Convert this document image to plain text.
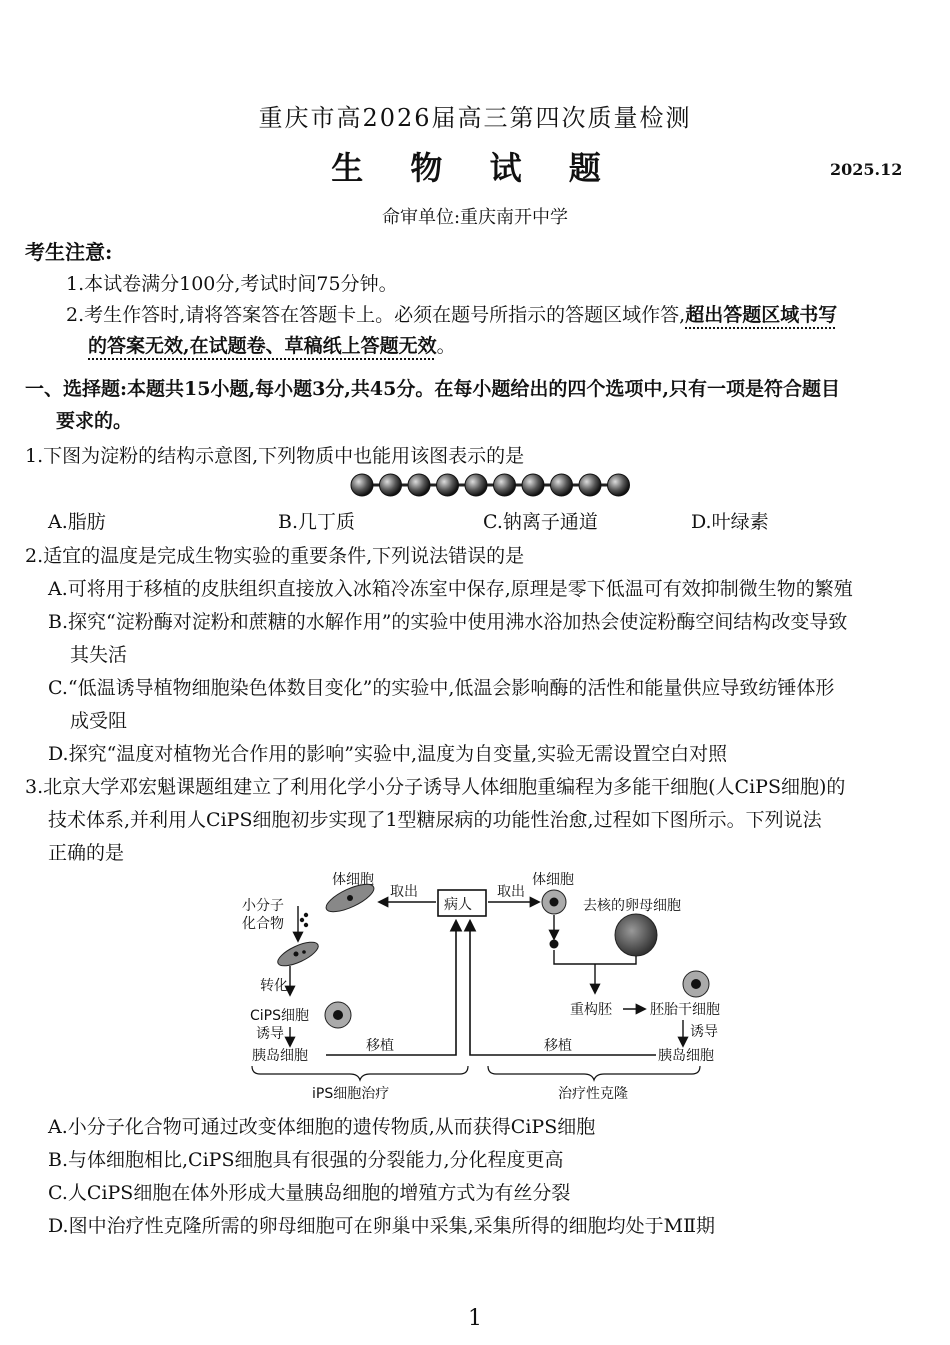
重庆市高2026届高三第四次质量检测
生 物 试 题	2025.12
命审单位:重庆南开中学
考生注意:
1.本试卷满分100分,考试时间75分钟。
2.考生作答时,请将答案答在答题卡上。必须在题号所指示的答题区域作答,超出答题区域书写
的答案无效,在试题卷、草稿纸上答题无效。
一、选择题:本题共15小题,每小题3分,共45分。在每小题给出的四个选项中,只有一项是符合题目
要求的。
1.下图为淀粉的结构示意图,下列物质中也能用该图表示的是
A.脂肪	B.几丁质	C.钠离子通道	D.叶绿素
2.适宜的温度是完成生物实验的重要条件,下列说法错误的是
A.可将用于移植的皮肤组织直接放入冰箱冷冻室中保存,原理是零下低温可有效抑制微生物的繁殖
B.探究“淀粉酶对淀粉和蔗糖的水解作用”的实验中使用沸水浴加热会使淀粉酶空间结构改变导致
其失活
C.“低温诱导植物细胞染色体数目变化”的实验中,低温会影响酶的活性和能量供应导致纺锤体形
成受阻
D.探究“温度对植物光合作用的影响”实验中,温度为自变量,实验无需设置空白对照
3.北京大学邓宏魁课题组建立了利用化学小分子诱导人体细胞重编程为多能干细胞(人CiPS细胞)的
技术体系,并利用人CiPS细胞初步实现了1型糖尿病的功能性治愈,过程如下图所示。下列说法
正确的是
病人
体细胞
取出
小分子
化合物
转化
CiPS细胞
诱导
胰岛细胞
移植
取出
体细胞
去核的卵母细胞
重构胚	胚胎干细胞
诱导
胰岛细胞
移植
iPS细胞治疗	治疗性克隆
A.小分子化合物可通过改变体细胞的遗传物质,从而获得CiPS细胞
B.与体细胞相比,CiPS细胞具有很强的分裂能力,分化程度更高
C.人CiPS细胞在体外形成大量胰岛细胞的增殖方式为有丝分裂
D.图中治疗性克隆所需的卵母细胞可在卵巢中采集,采集所得的细胞均处于MⅡ期
1
